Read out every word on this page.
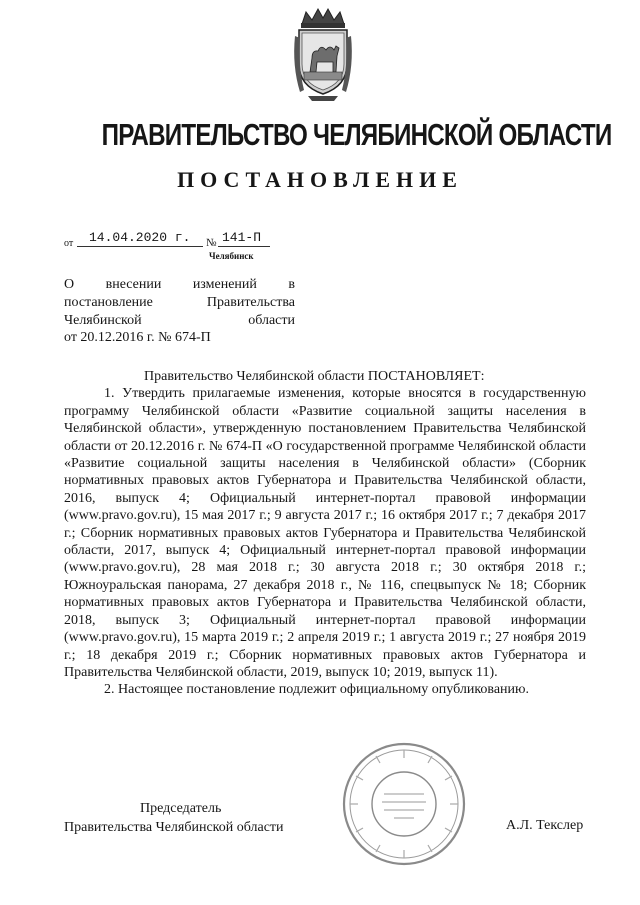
ПРАВИТЕЛЬСТВО ЧЕЛЯБИНСКОЙ ОБЛАСТИ
ПОСТАНОВЛЕНИЕ
от 14.04.2020 г. № 141-П
Челябинск
О внесении изменений в
постановление Правительства
Челябинской области
от 20.12.2016 г. № 674-П

Правительство Челябинской области ПОСТАНОВЛЯЕТ:

1. Утвердить прилагаемые изменения, которые вносятся в государственную программу Челябинской области «Развитие социальной защиты населения в Челябинской области», утвержденную постановлением Правительства Челябинской области от 20.12.2016 г. № 674-П «О государственной программе Челябинской области «Развитие социальной защиты населения в Челябинской области» (Сборник нормативных правовых актов Губернатора и Правительства Челябинской области, 2016, выпуск 4; Официальный интернет-портал правовой информации (www.pravo.gov.ru), 15 мая 2017 г.; 9 августа 2017 г.; 16 октября 2017 г.; 7 декабря 2017 г.; Сборник нормативных правовых актов Губернатора и Правительства Челябинской области, 2017, выпуск 4; Официальный интернет-портал правовой информации (www.pravo.gov.ru), 28 мая 2018 г.; 30 августа 2018 г.; 30 октября 2018 г.; Южноуральская панорама, 27 декабря 2018 г., № 116, спецвыпуск № 18; Сборник нормативных правовых актов Губернатора и Правительства Челябинской области, 2018, выпуск 3; Официальный интернет-портал правовой информации (www.pravo.gov.ru), 15 марта 2019 г.; 2 апреля 2019 г.; 1 августа 2019 г.; 27 ноября 2019 г.; 18 декабря 2019 г.; Сборник нормативных правовых актов Губернатора и Правительства Челябинской области, 2019, выпуск 10; 2019, выпуск 11).

2. Настоящее постановление подлежит официальному опубликованию.

Председатель
Правительства Челябинской области	А.Л. Текслер
